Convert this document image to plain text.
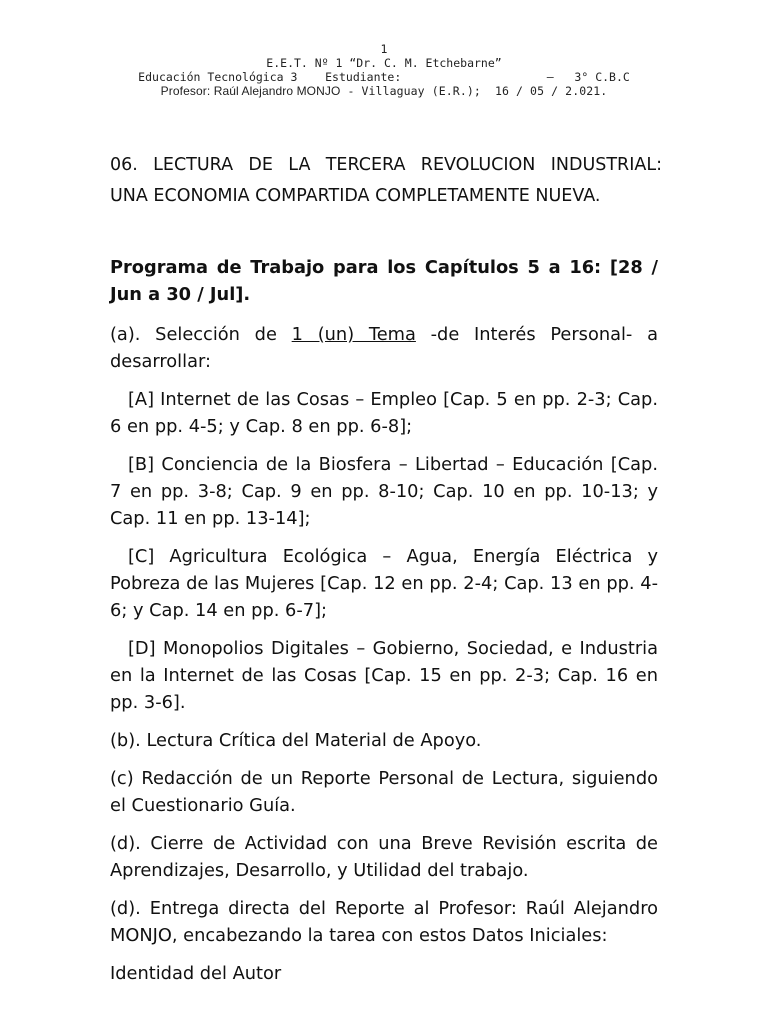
1
E.E.T. Nº 1 “Dr. C. M. Etchebarne”
Educación Tecnológica 3 Estudiante:	– 3° C.B.C
Profesor: Raúl Alejandro MONJO - Villaguay (E.R.);  16 / 05 / 2.021.
06. LECTURA DE LA TERCERA REVOLUCION INDUSTRIAL:
UNA ECONOMIA COMPARTIDA COMPLETAMENTE NUEVA.

Programa de Trabajo para los Capítulos 5 a 16: [28 / Jun a 30 / Jul].

(a). Selección de 1 (un) Tema -de Interés Personal- a desarrollar:

[A] Internet de las Cosas – Empleo [Cap. 5 en pp. 2-3; Cap. 6 en pp. 4-5; y Cap. 8 en pp. 6-8];

[B] Conciencia de la Biosfera – Libertad – Educación [Cap. 7 en pp. 3-8; Cap. 9 en pp. 8-10; Cap. 10 en pp. 10-13; y Cap. 11 en pp. 13-14];

[C] Agricultura Ecológica – Agua, Energía Eléctrica y Pobreza de las Mujeres [Cap. 12 en pp. 2-4; Cap. 13 en pp. 4-6; y Cap. 14 en pp. 6-7];

[D] Monopolios Digitales – Gobierno, Sociedad, e Industria en la Internet de las Cosas [Cap. 15 en pp. 2-3; Cap. 16 en pp. 3-6].

(b). Lectura Crítica del Material de Apoyo.

(c) Redacción de un Reporte Personal de Lectura, siguiendo el Cuestionario Guía.

(d). Cierre de Actividad con una Breve Revisión escrita de Aprendizajes, Desarrollo, y Utilidad del trabajo.

(d). Entrega directa del Reporte al Profesor: Raúl Alejandro MONJO, encabezando la tarea con estos Datos Iniciales:

Identidad del Autor
